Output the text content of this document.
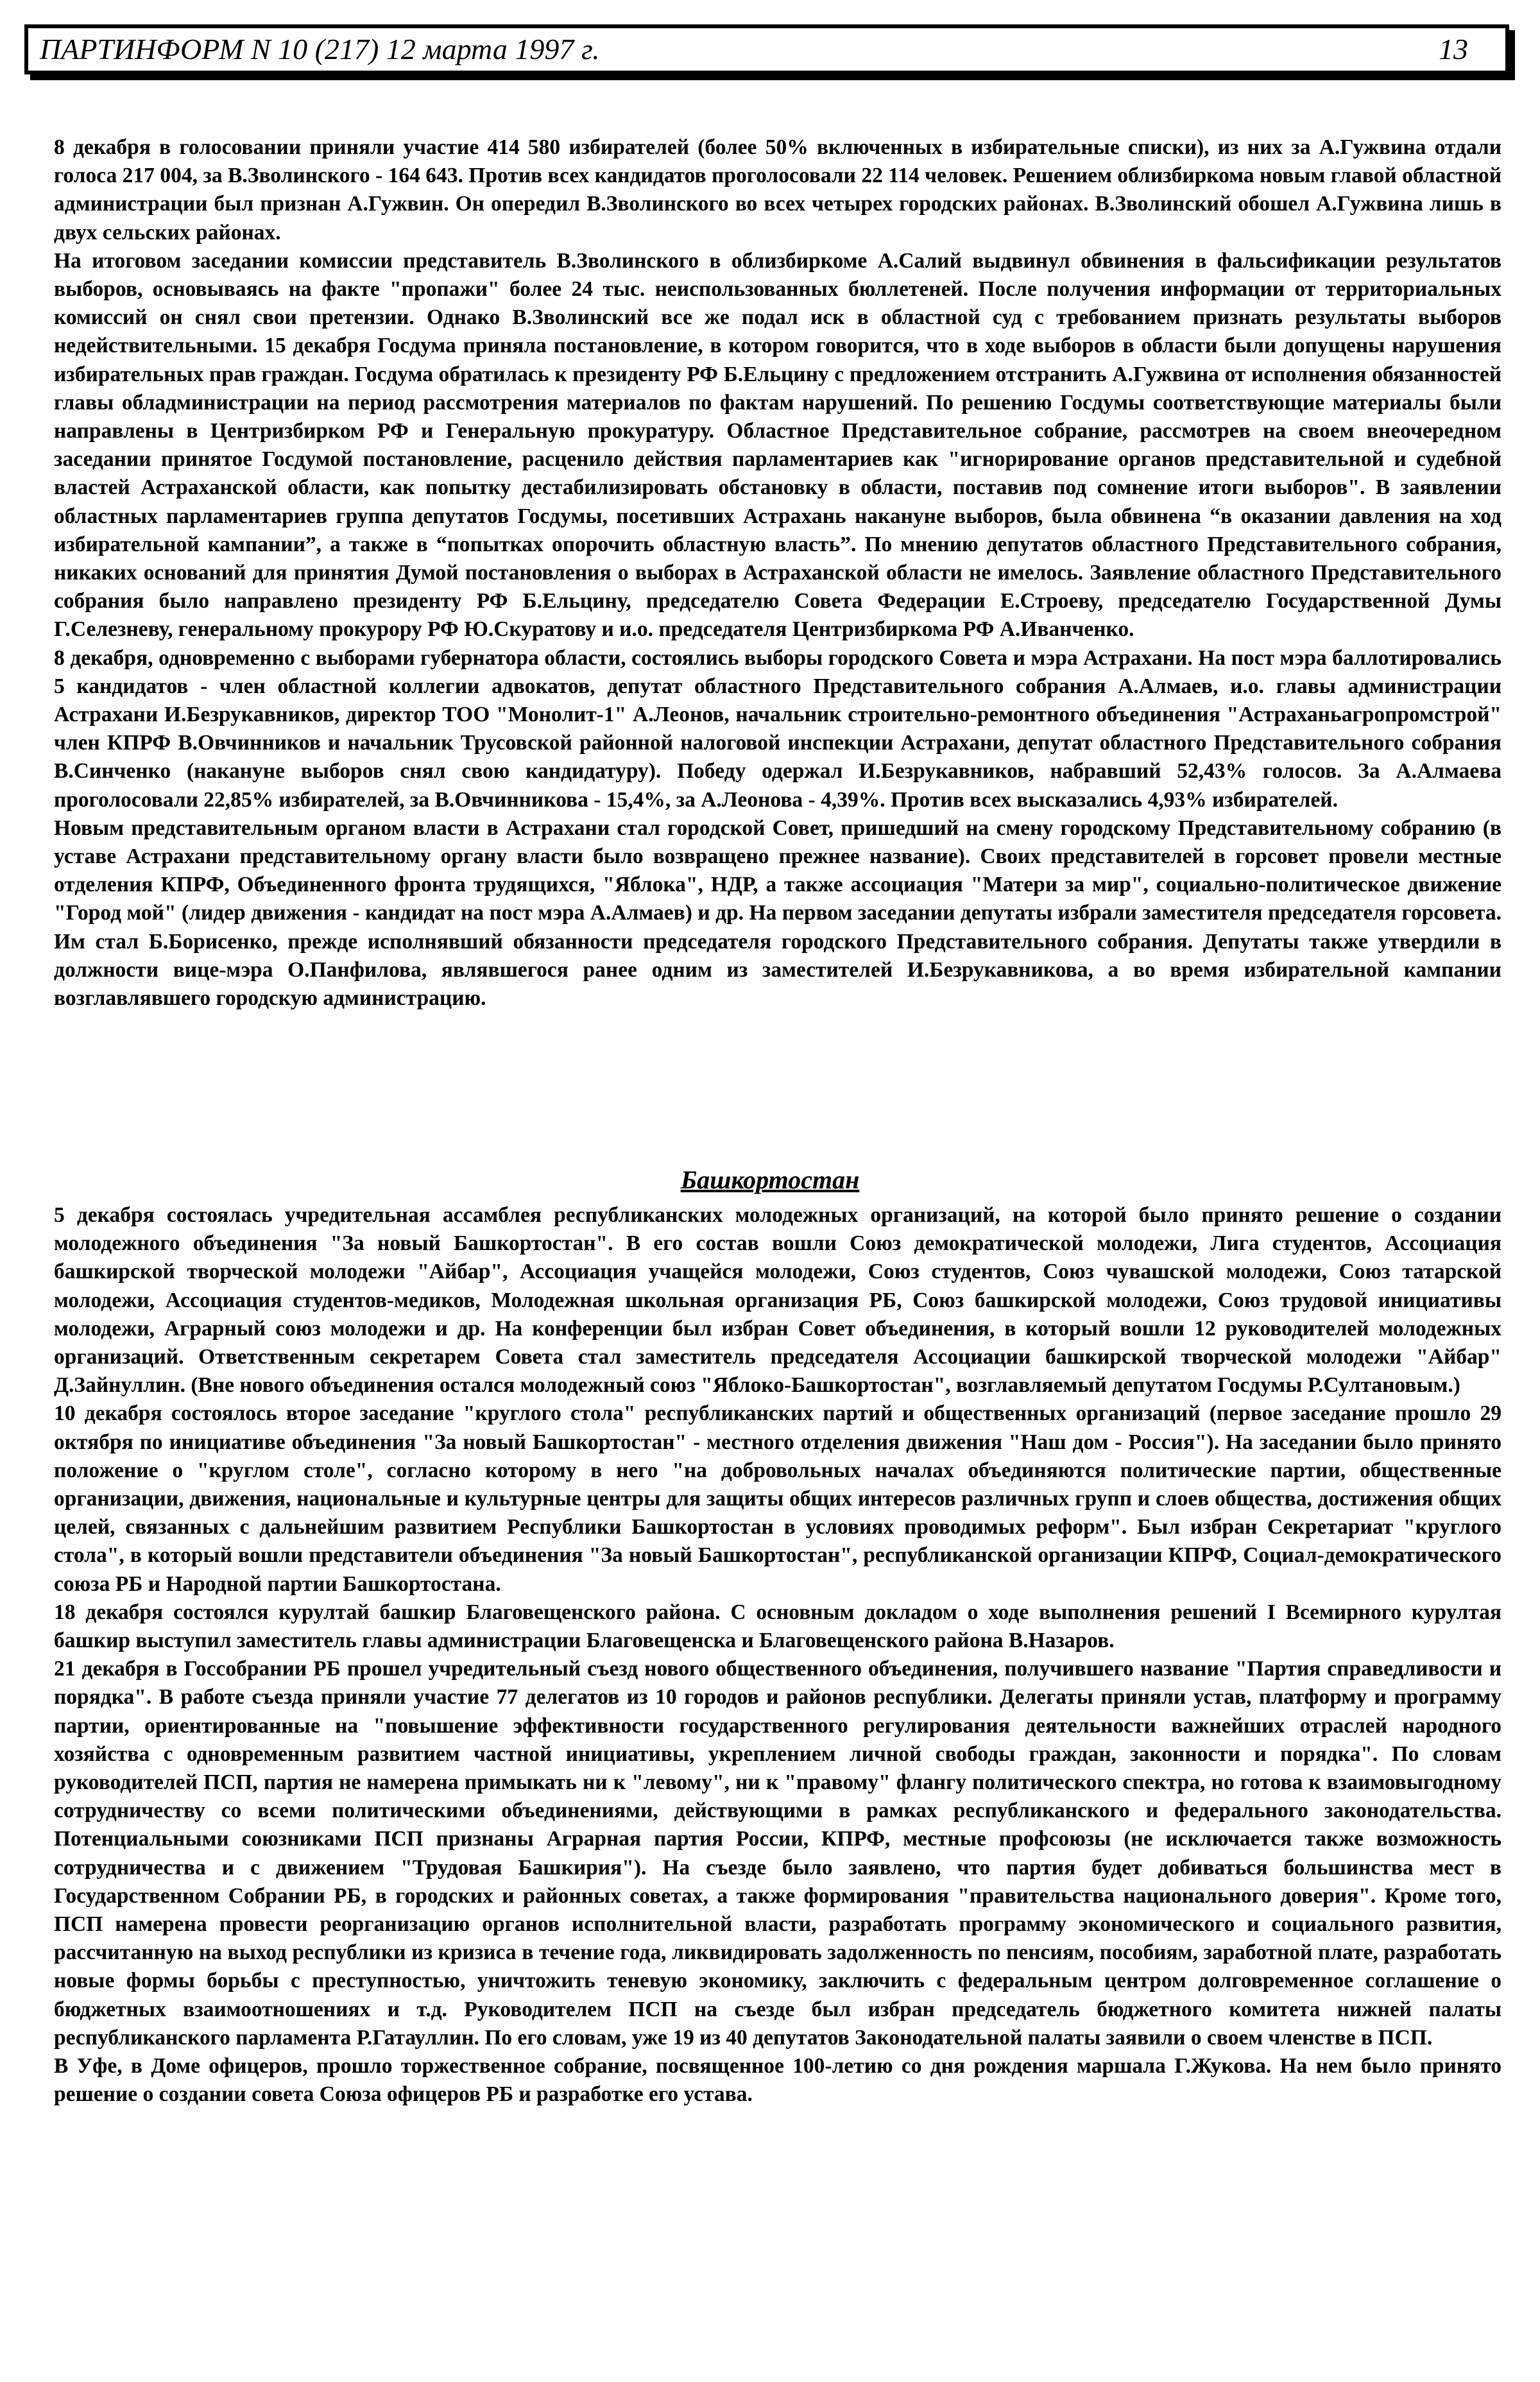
ПАРТИНФОРМ N 10 (217) 12 марта 1997 г.	13

8 декабря в голосовании приняли участие 414 580 избирателей (более 50% включенных в избирательные списки), из них за А.Гужвина отдали голоса 217 004, за В.Зволинского - 164 643. Против всех кандидатов проголосовали 22 114 человек. Решением облизбиркома новым главой областной администрации был признан А.Гужвин. Он опередил В.Зволинского во всех четырех городских районах. В.Зволинский обошел А.Гужвина лишь в двух сельских районах.

На итоговом заседании комиссии представитель В.Зволинского в облизбиркоме А.Салий выдвинул обвинения в фальсификации результатов выборов, основываясь на факте "пропажи" более 24 тыс. неиспользованных бюллетеней. После получения информации от территориальных комиссий он снял свои претензии. Однако В.Зволинский все же подал иск в областной суд с требованием признать результаты выборов недействительными. 15 декабря Госдума приняла постановление, в котором говорится, что в ходе выборов в области были допущены нарушения избирательных прав граждан. Госдума обратилась к президенту РФ Б.Ельцину с предложением отстранить А.Гужвина от исполнения обязанностей главы обладминистрации на период рассмотрения материалов по фактам нарушений. По решению Госдумы соответствующие материалы были направлены в Центризбирком РФ и Генеральную прокуратуру. Областное Представительное собрание, рассмотрев на своем внеочередном заседании принятое Госдумой постановление, расценило действия парламентариев как "игнорирование органов представительной и судебной властей Астраханской области, как попытку дестабилизировать обстановку в области, поставив под сомнение итоги выборов". В заявлении областных парламентариев группа депутатов Госдумы, посетивших Астрахань накануне выборов, была обвинена “в оказании давления на ход избирательной кампании”, а также в “попытках опорочить областную власть”. По мнению депутатов областного Представительного собрания, никаких оснований для принятия Думой постановления о выборах в Астраханской области не имелось. Заявление областного Представительного собрания было направлено президенту РФ Б.Ельцину, председателю Совета Федерации Е.Строеву, председателю Государственной Думы Г.Селезневу, генеральному прокурору РФ Ю.Скуратову и и.о. председателя Центризбиркома РФ А.Иванченко.

8 декабря, одновременно с выборами губернатора области, состоялись выборы городского Совета и мэра Астрахани. На пост мэра баллотировались 5 кандидатов - член областной коллегии адвокатов, депутат областного Представительного собрания А.Алмаев, и.о. главы администрации Астрахани И.Безрукавников, директор ТОО "Монолит-1" А.Леонов, начальник строительно-ремонтного объединения "Астраханьагропромстрой" член КПРФ В.Овчинников и начальник Трусовской районной налоговой инспекции Астрахани, депутат областного Представительного собрания В.Синченко (накануне выборов снял свою кандидатуру). Победу одержал И.Безрукавников, набравший 52,43% голосов. За А.Алмаева проголосовали 22,85% избирателей, за В.Овчинникова - 15,4%, за А.Леонова - 4,39%. Против всех высказались 4,93% избирателей.

Новым представительным органом власти в Астрахани стал городской Совет, пришедший на смену городскому Представительному собранию (в уставе Астрахани представительному органу власти было возвращено прежнее название). Своих представителей в горсовет провели местные отделения КПРФ, Объединенного фронта трудящихся, "Яблока", НДР, а также ассоциация "Матери за мир", социально-политическое движение "Город мой" (лидер движения - кандидат на пост мэра А.Алмаев) и др. На первом заседании депутаты избрали заместителя председателя горсовета. Им стал Б.Борисенко, прежде исполнявший обязанности председателя городского Представительного собрания. Депутаты также утвердили в должности вице-мэра О.Панфилова, являвшегося ранее одним из заместителей И.Безрукавникова, а во время избирательной кампании возглавлявшего городскую администрацию.

Башкортостан

5 декабря состоялась учредительная ассамблея республиканских молодежных организаций, на которой было принято решение о создании молодежного объединения "За новый Башкортостан". В его состав вошли Союз демократической молодежи, Лига студентов, Ассоциация башкирской творческой молодежи "Айбар", Ассоциация учащейся молодежи, Союз студентов, Союз чувашской молодежи, Союз татарской молодежи, Ассоциация студентов-медиков, Молодежная школьная организация РБ, Союз башкирской молодежи, Союз трудовой инициативы молодежи, Аграрный союз молодежи и др. На конференции был избран Совет объединения, в который вошли 12 руководителей молодежных организаций. Ответственным секретарем Совета стал заместитель председателя Ассоциации башкирской творческой молодежи "Айбар" Д.Зайнуллин. (Вне нового объединения остался молодежный союз "Яблоко-Башкортостан", возглавляемый депутатом Госдумы Р.Султановым.)

10 декабря состоялось второе заседание "круглого стола" республиканских партий и общественных организаций (первое заседание прошло 29 октября по инициативе объединения "За новый Башкортостан" - местного отделения движения "Наш дом - Россия"). На заседании было принято положение о "круглом столе", согласно которому в него "на добровольных началах объединяются политические партии, общественные организации, движения, национальные и культурные центры для защиты общих интересов различных групп и слоев общества, достижения общих целей, связанных с дальнейшим развитием Республики Башкортостан в условиях проводимых реформ". Был избран Секретариат "круглого стола", в который вошли представители объединения "За новый Башкортостан", республиканской организации КПРФ, Социал-демократического союза РБ и Народной партии Башкортостана.

18 декабря состоялся курултай башкир Благовещенского района. С основным докладом о ходе выполнения решений I Всемирного курултая башкир выступил заместитель главы администрации Благовещенска и Благовещенского района В.Назаров.

21 декабря в Госсобрании РБ прошел учредительный съезд нового общественного объединения, получившего название "Партия справедливости и порядка". В работе съезда приняли участие 77 делегатов из 10 городов и районов республики. Делегаты приняли устав, платформу и программу партии, ориентированные на "повышение эффективности государственного регулирования деятельности важнейших отраслей народного хозяйства с одновременным развитием частной инициативы, укреплением личной свободы граждан, законности и порядка". По словам руководителей ПСП, партия не намерена примыкать ни к "левому", ни к "правому" флангу политического спектра, но готова к взаимовыгодному сотрудничеству со всеми политическими объединениями, действующими в рамках республиканского и федерального законодательства. Потенциальными союзниками ПСП признаны Аграрная партия России, КПРФ, местные профсоюзы (не исключается также возможность сотрудничества и с движением "Трудовая Башкирия"). На съезде было заявлено, что партия будет добиваться большинства мест в Государственном Собрании РБ, в городских и районных советах, а также формирования "правительства национального доверия". Кроме того, ПСП намерена провести реорганизацию органов исполнительной власти, разработать программу экономического и социального развития, рассчитанную на выход республики из кризиса в течение года, ликвидировать задолженность по пенсиям, пособиям, заработной плате, разработать новые формы борьбы с преступностью, уничтожить теневую экономику, заключить с федеральным центром долговременное соглашение о бюджетных взаимоотношениях и т.д. Руководителем ПСП на съезде был избран председатель бюджетного комитета нижней палаты республиканского парламента Р.Гатауллин. По его словам, уже 19 из 40 депутатов Законодательной палаты заявили о своем членстве в ПСП.

В Уфе, в Доме офицеров, прошло торжественное собрание, посвященное 100-летию со дня рождения маршала Г.Жукова. На нем было принято решение о создании совета Союза офицеров РБ и разработке его устава.
